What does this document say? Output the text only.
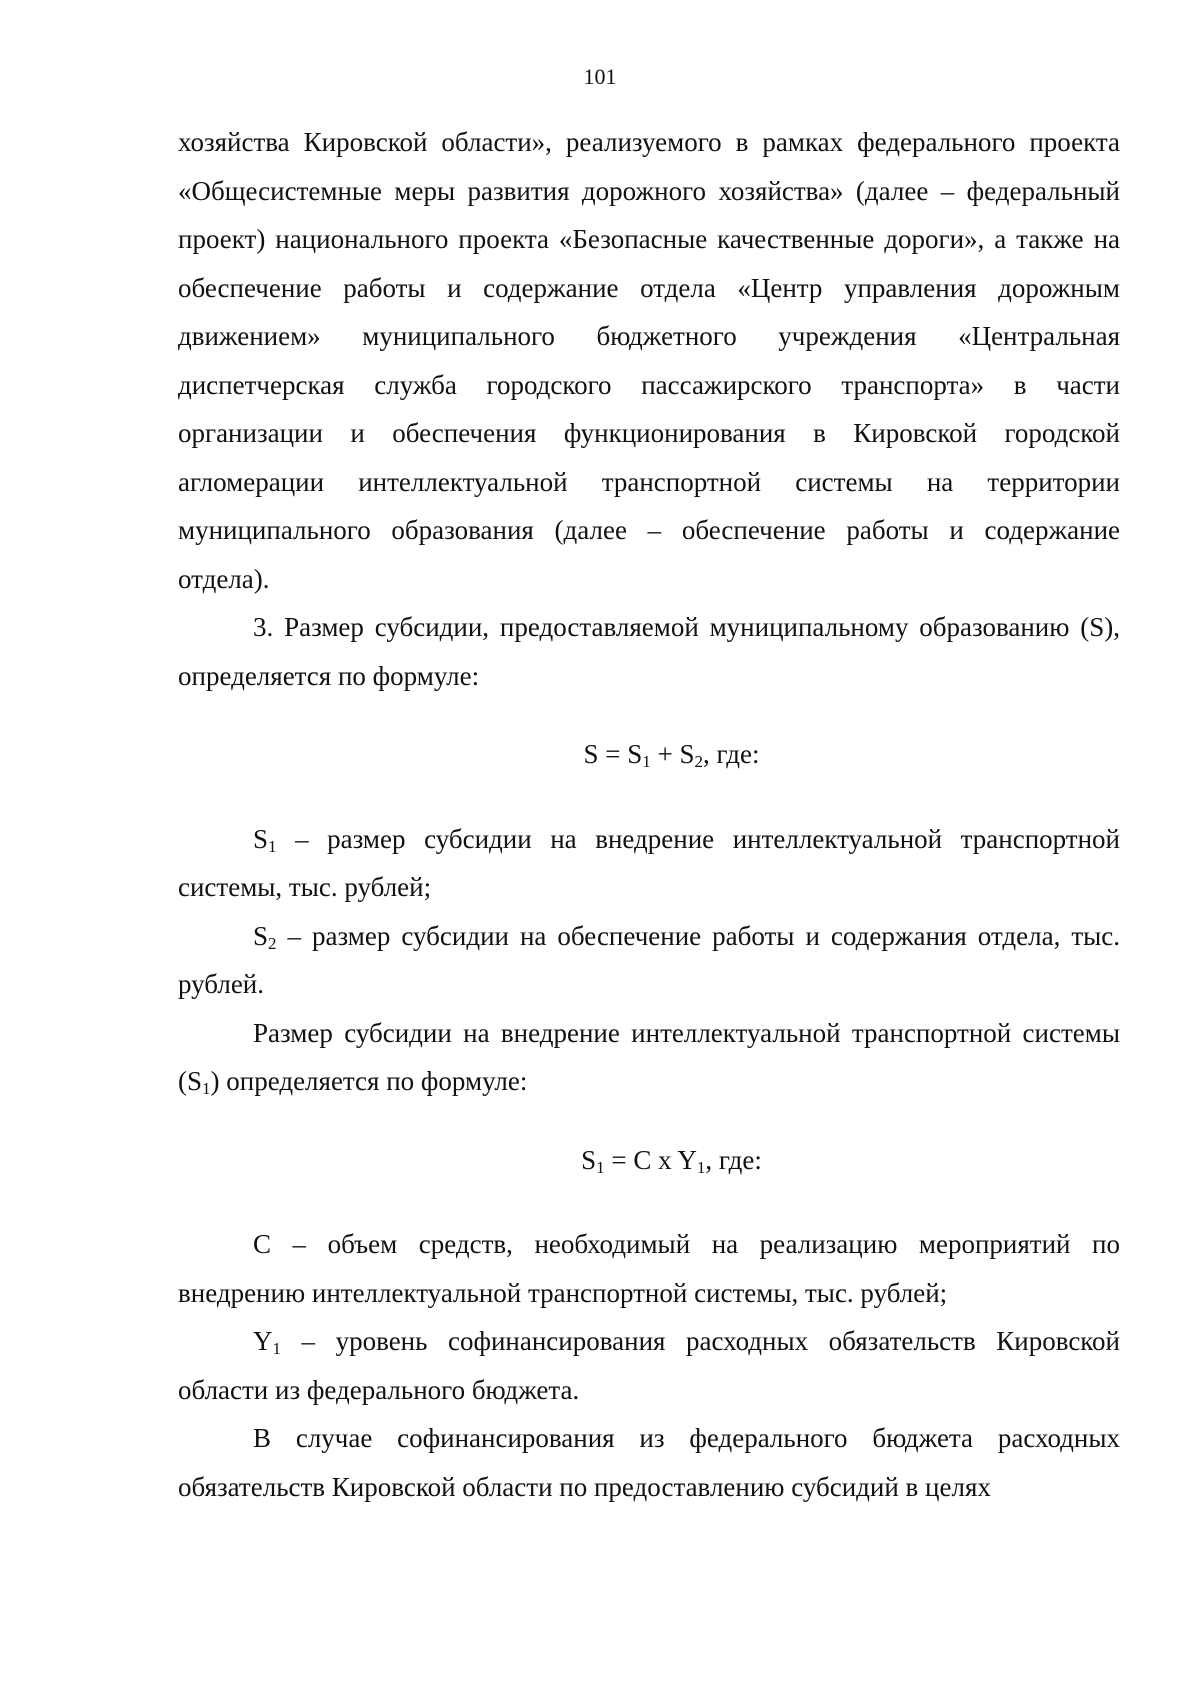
101

хозяйства Кировской области», реализуемого в рамках федерального проекта «Общесистемные меры развития дорожного хозяйства» (далее – федеральный проект) национального проекта «Безопасные качественные дороги», а также на обеспечение работы и содержание отдела «Центр управления дорожным движением» муниципального бюджетного учреждения «Центральная диспетчерская служба городского пассажирского транспорта» в части организации и обеспечения функционирования в Кировской городской агломерации интеллектуальной транспортной системы на территории муниципального образования (далее – обеспечение работы и содержание отдела).

3. Размер субсидии, предоставляемой муниципальному образованию (S), определяется по формуле:

$S = S_1 + S_2$, где:

$S_1$ – размер субсидии на внедрение интеллектуальной транспортной системы, тыс. рублей;

$S_2$ – размер субсидии на обеспечение работы и содержания отдела, тыс. рублей.

Размер субсидии на внедрение интеллектуальной транспортной системы $(S_1)$ определяется по формуле:

$S_1 = C$ x $Y_1$, где:

C – объем средств, необходимый на реализацию мероприятий по внедрению интеллектуальной транспортной системы, тыс. рублей;

$Y_1$ – уровень софинансирования расходных обязательств Кировской области из федерального бюджета.

В случае софинансирования из федерального бюджета расходных обязательств Кировской области по предоставлению субсидий в целях
